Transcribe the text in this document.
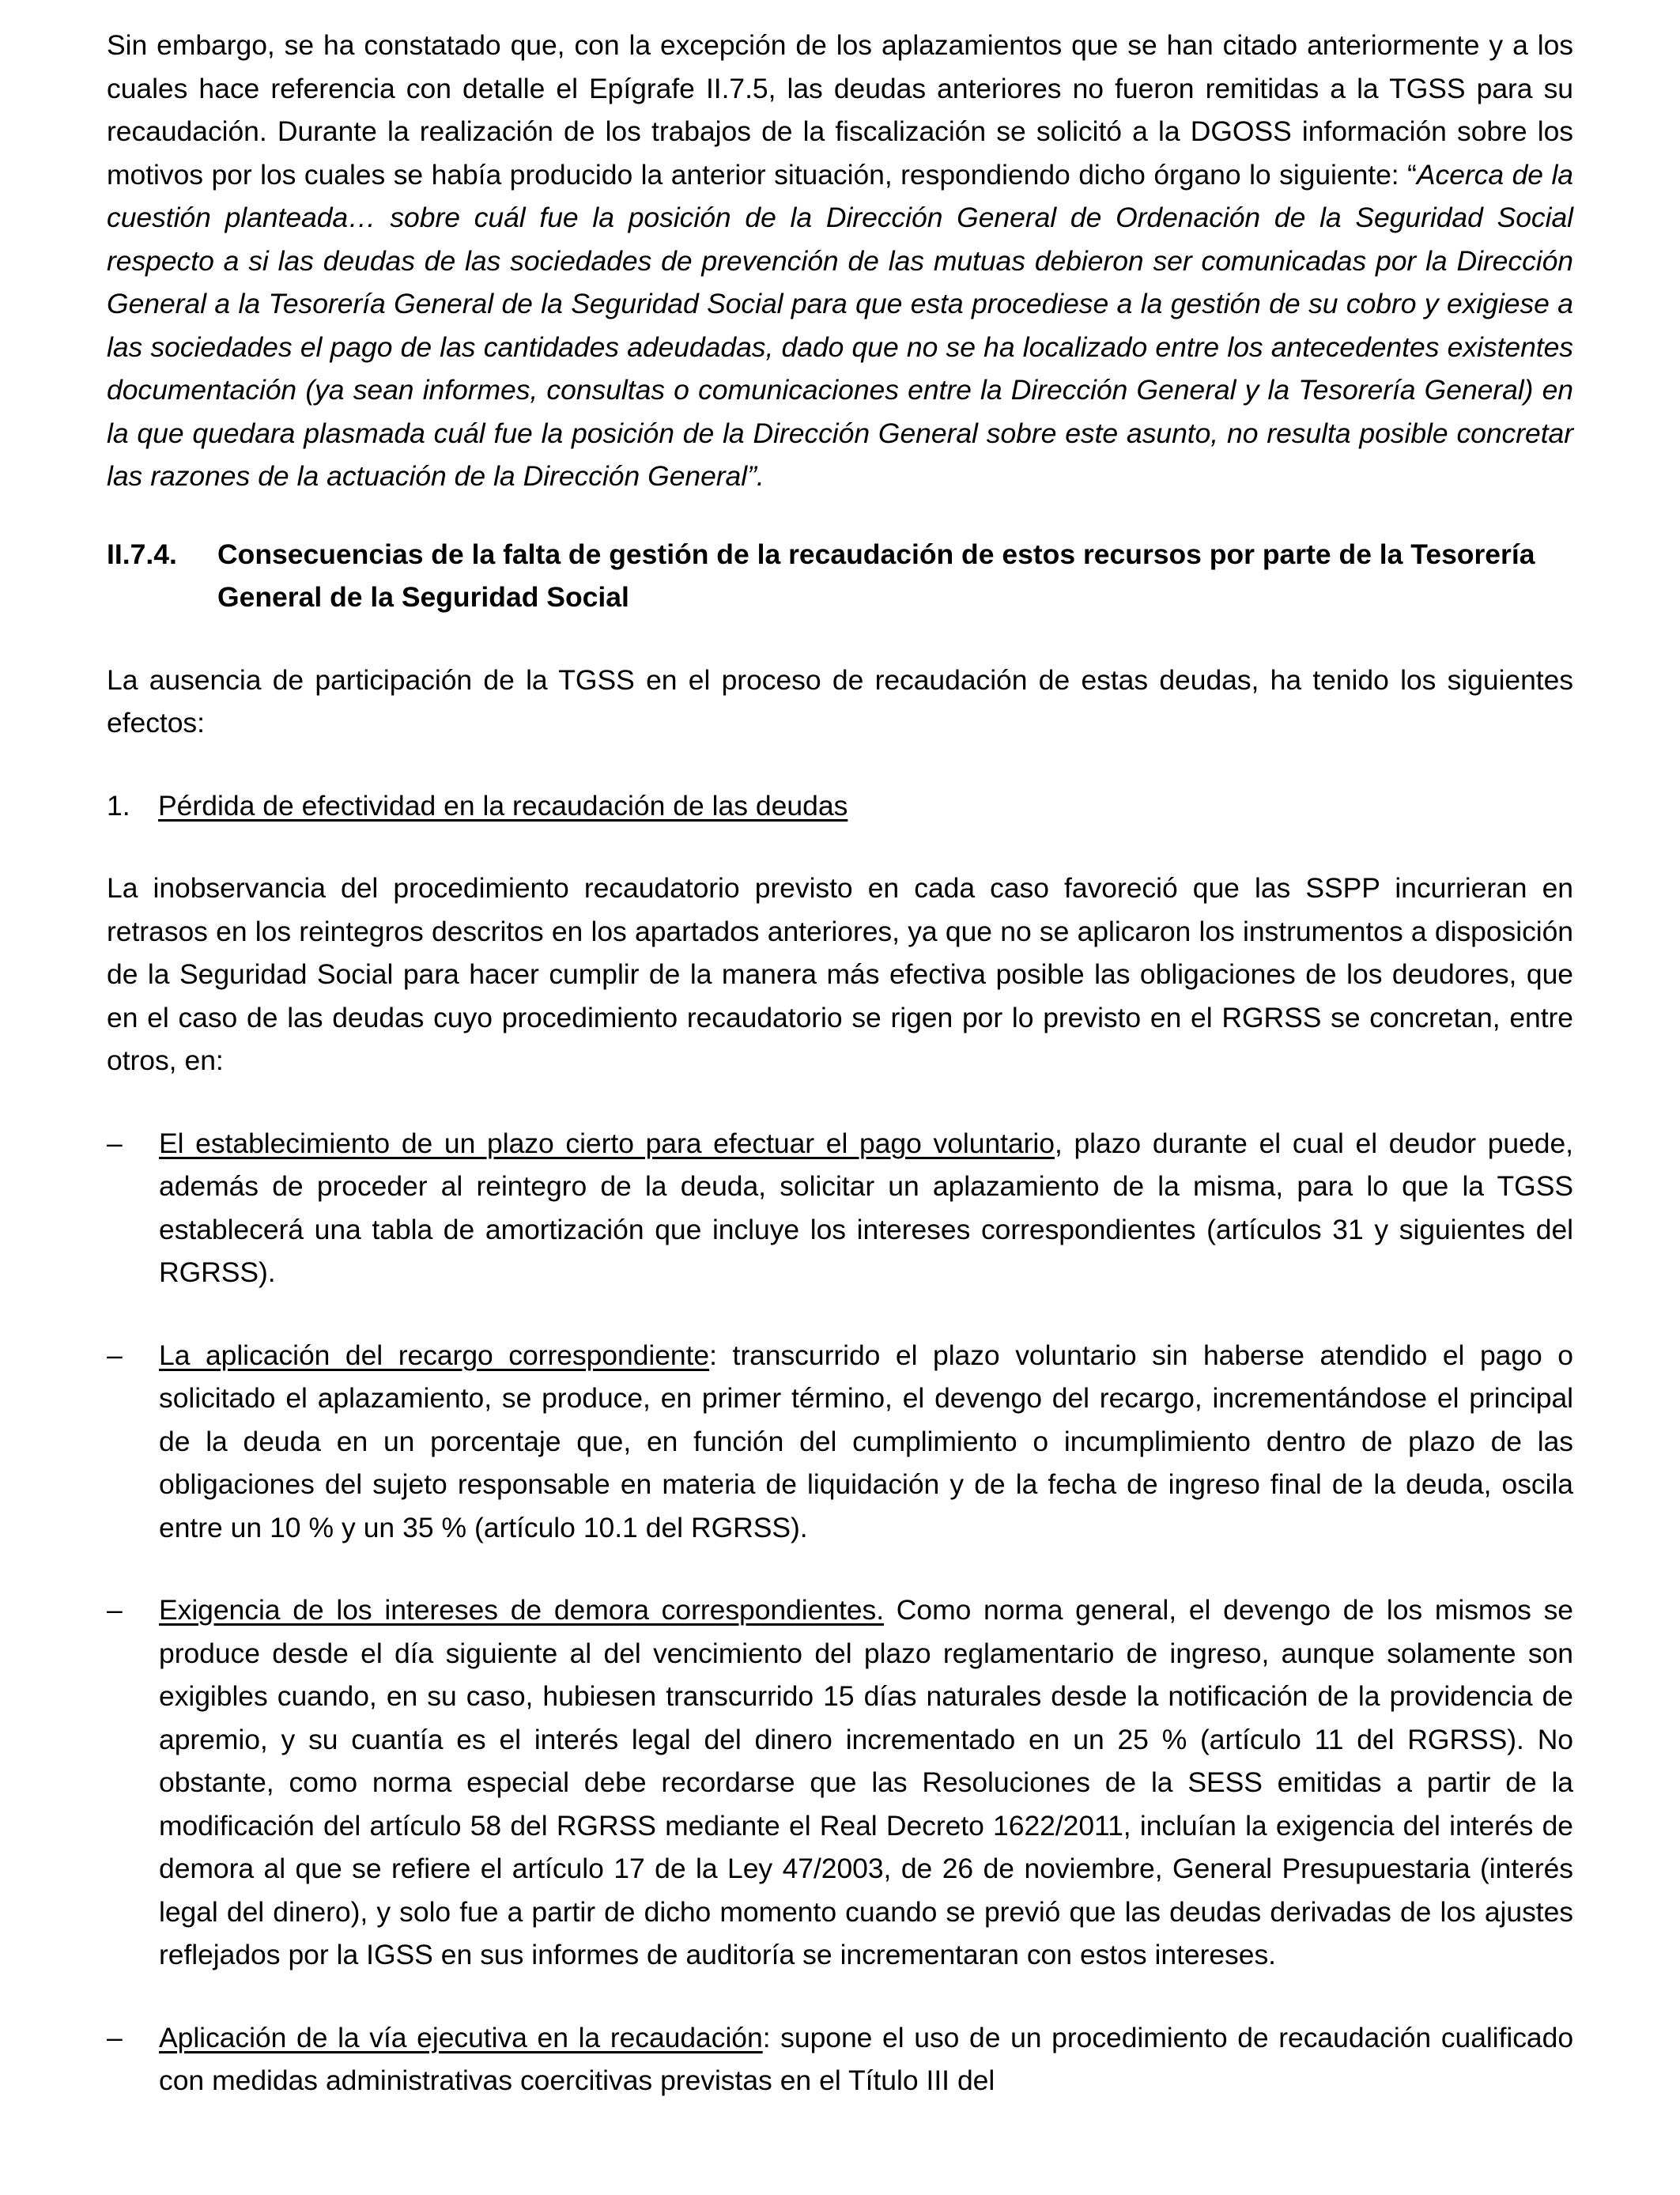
Sin embargo, se ha constatado que, con la excepción de los aplazamientos que se han citado anteriormente y a los cuales hace referencia con detalle el Epígrafe II.7.5, las deudas anteriores no fueron remitidas a la TGSS para su recaudación. Durante la realización de los trabajos de la fiscalización se solicitó a la DGOSS información sobre los motivos por los cuales se había producido la anterior situación, respondiendo dicho órgano lo siguiente: “Acerca de la cuestión planteada… sobre cuál fue la posición de la Dirección General de Ordenación de la Seguridad Social respecto a si las deudas de las sociedades de prevención de las mutuas debieron ser comunicadas por la Dirección General a la Tesorería General de la Seguridad Social para que esta procediese a la gestión de su cobro y exigiese a las sociedades el pago de las cantidades adeudadas, dado que no se ha localizado entre los antecedentes existentes documentación (ya sean informes, consultas o comunicaciones entre la Dirección General y la Tesorería General) en la que quedara plasmada cuál fue la posición de la Dirección General sobre este asunto, no resulta posible concretar las razones de la actuación de la Dirección General”.

II.7.4.	Consecuencias de la falta de gestión de la recaudación de estos recursos por parte de la Tesorería General de la Seguridad Social

La ausencia de participación de la TGSS en el proceso de recaudación de estas deudas, ha tenido los siguientes efectos:

1. Pérdida de efectividad en la recaudación de las deudas

La inobservancia del procedimiento recaudatorio previsto en cada caso favoreció que las SSPP incurrieran en retrasos en los reintegros descritos en los apartados anteriores, ya que no se aplicaron los instrumentos a disposición de la Seguridad Social para hacer cumplir de la manera más efectiva posible las obligaciones de los deudores, que en el caso de las deudas cuyo procedimiento recaudatorio se rigen por lo previsto en el RGRSS se concretan, entre otros, en:

–	El establecimiento de un plazo cierto para efectuar el pago voluntario, plazo durante el cual el deudor puede, además de proceder al reintegro de la deuda, solicitar un aplazamiento de la misma, para lo que la TGSS establecerá una tabla de amortización que incluye los intereses correspondientes (artículos 31 y siguientes del RGRSS).
–	La aplicación del recargo correspondiente: transcurrido el plazo voluntario sin haberse atendido el pago o solicitado el aplazamiento, se produce, en primer término, el devengo del recargo, incrementándose el principal de la deuda en un porcentaje que, en función del cumplimiento o incumplimiento dentro de plazo de las obligaciones del sujeto responsable en materia de liquidación y de la fecha de ingreso final de la deuda, oscila entre un 10 % y un 35 % (artículo 10.1 del RGRSS).
–	Exigencia de los intereses de demora correspondientes. Como norma general, el devengo de los mismos se produce desde el día siguiente al del vencimiento del plazo reglamentario de ingreso, aunque solamente son exigibles cuando, en su caso, hubiesen transcurrido 15 días naturales desde la notificación de la providencia de apremio, y su cuantía es el interés legal del dinero incrementado en un 25 % (artículo 11 del RGRSS). No obstante, como norma especial debe recordarse que las Resoluciones de la SESS emitidas a partir de la modificación del artículo 58 del RGRSS mediante el Real Decreto 1622/2011, incluían la exigencia del interés de demora al que se refiere el artículo 17 de la Ley 47/2003, de 26 de noviembre, General Presupuestaria (interés legal del dinero), y solo fue a partir de dicho momento cuando se previó que las deudas derivadas de los ajustes reflejados por la IGSS en sus informes de auditoría se incrementaran con estos intereses.
–	Aplicación de la vía ejecutiva en la recaudación: supone el uso de un procedimiento de recaudación cualificado con medidas administrativas coercitivas previstas en el Título III del
